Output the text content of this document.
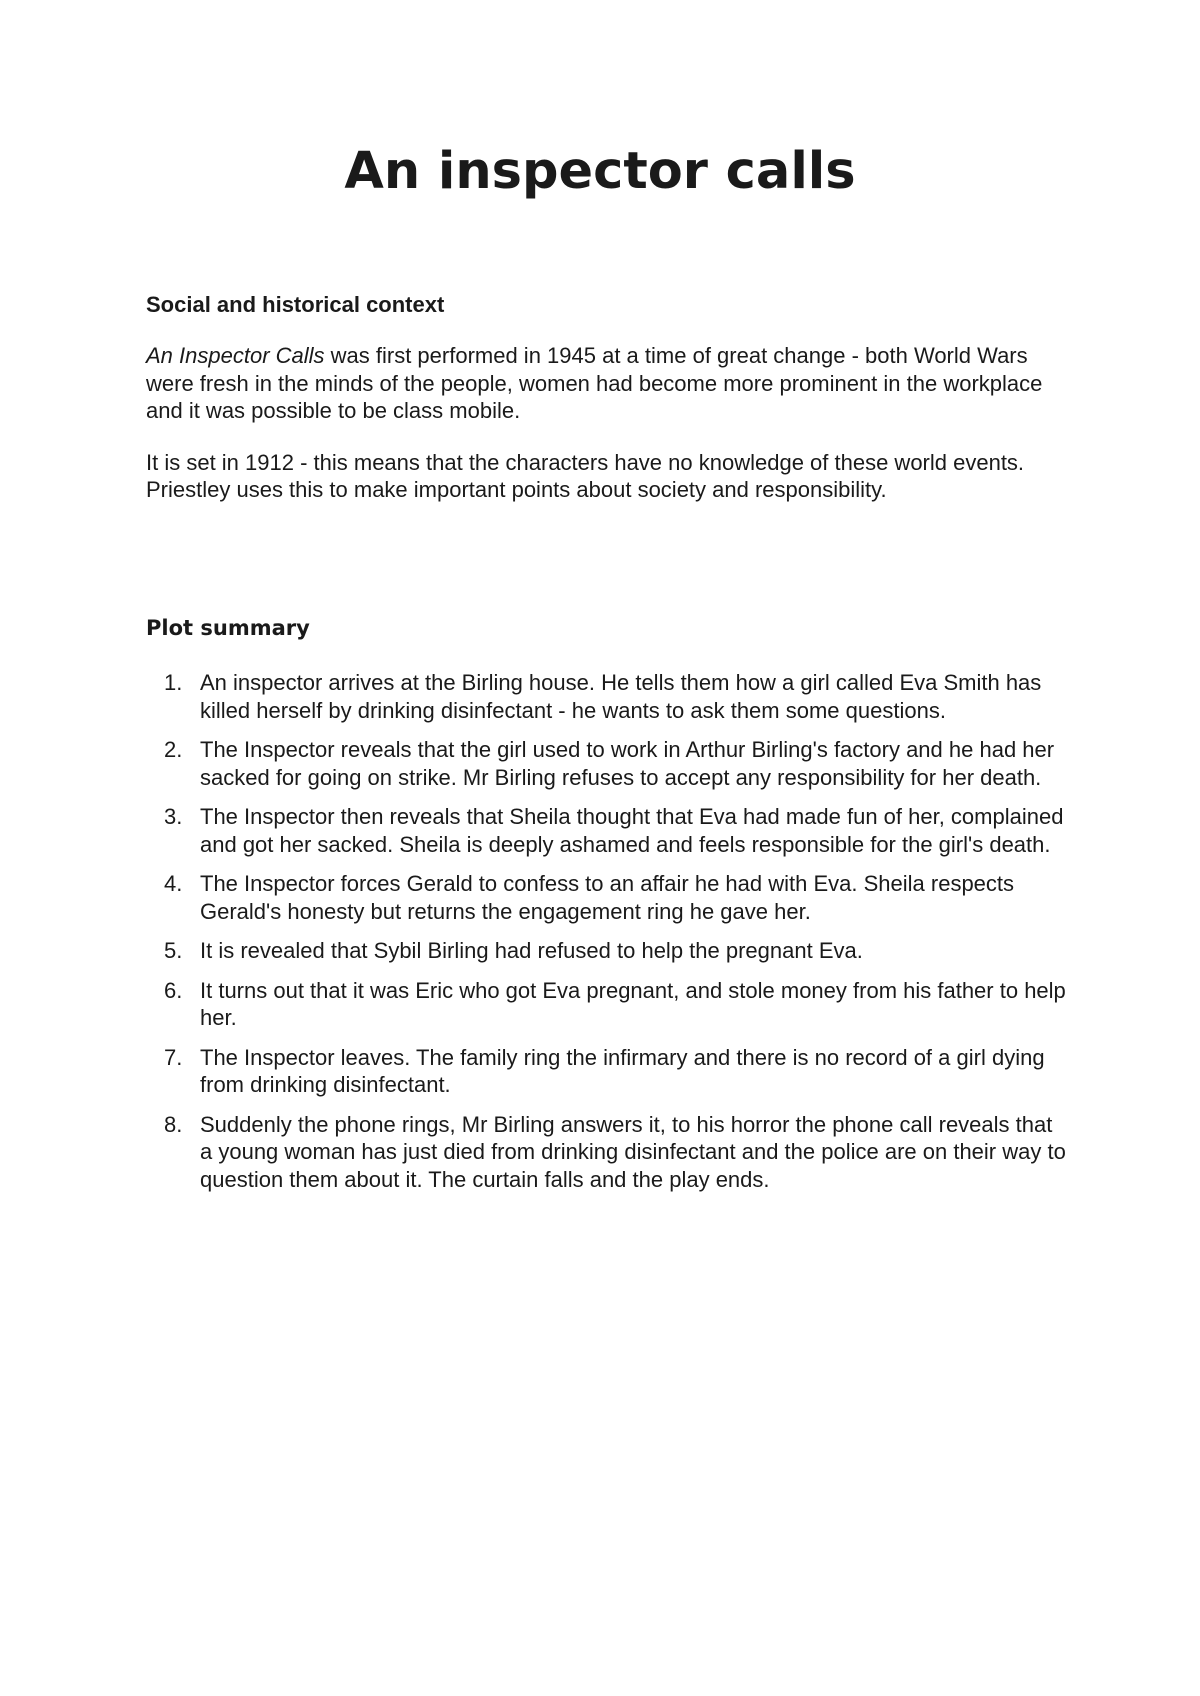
An inspector calls
Social and historical context

An Inspector Calls was first performed in 1945 at a time of great change - both World Wars were fresh in the minds of the people, women had become more prominent in the workplace and it was possible to be class mobile.

It is set in 1912 - this means that the characters have no knowledge of these world events. Priestley uses this to make important points about society and responsibility.

Plot summary
1. An inspector arrives at the Birling house. He tells them how a girl called Eva Smith has killed herself by drinking disinfectant - he wants to ask them some questions.
2. The Inspector reveals that the girl used to work in Arthur Birling's factory and he had her sacked for going on strike. Mr Birling refuses to accept any responsibility for her death.
3. The Inspector then reveals that Sheila thought that Eva had made fun of her, complained and got her sacked. Sheila is deeply ashamed and feels responsible for the girl's death.
4. The Inspector forces Gerald to confess to an affair he had with Eva. Sheila respects Gerald's honesty but returns the engagement ring he gave her.
5. It is revealed that Sybil Birling had refused to help the pregnant Eva.
6. It turns out that it was Eric who got Eva pregnant, and stole money from his father to help her.
7. The Inspector leaves. The family ring the infirmary and there is no record of a girl dying from drinking disinfectant.
8. Suddenly the phone rings, Mr Birling answers it, to his horror the phone call reveals that a young woman has just died from drinking disinfectant and the police are on their way to question them about it. The curtain falls and the play ends.
